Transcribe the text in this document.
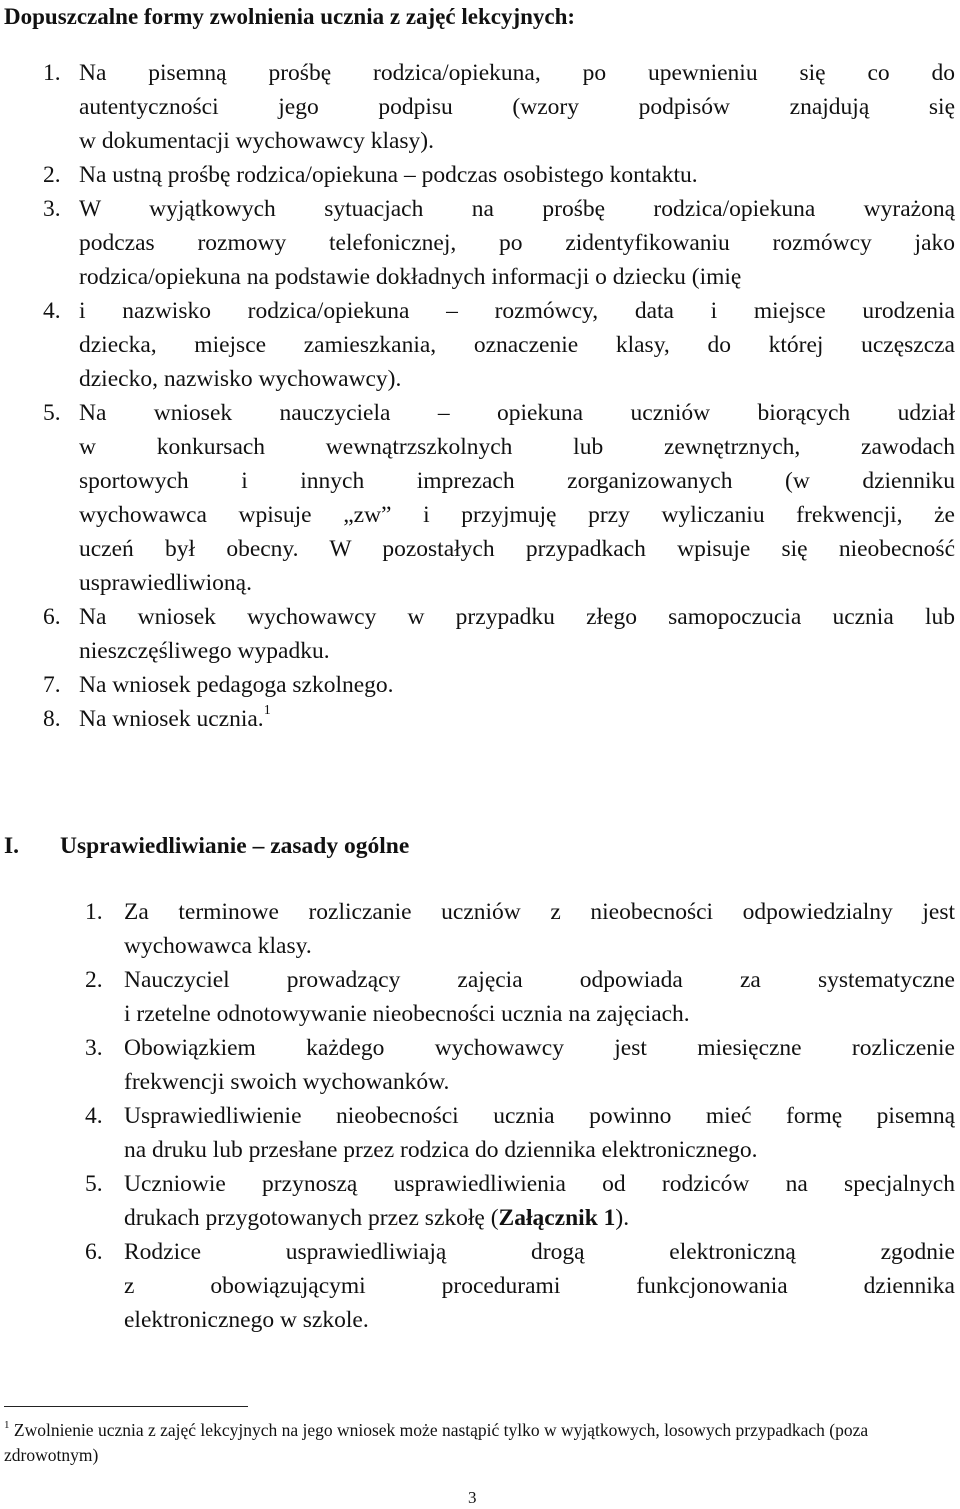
Dopuszczalne formy zwolnienia ucznia z zajęć lekcyjnych:
1. Na pisemną prośbę rodzica/opiekuna, po upewnieniu się co do
autentyczności jego podpisu (wzory podpisów znajdują się
w dokumentacji wychowawcy klasy).
2. Na ustną prośbę rodzica/opiekuna – podczas osobistego kontaktu.
3. W wyjątkowych sytuacjach na prośbę rodzica/opiekuna wyrażoną
podczas rozmowy telefonicznej, po zidentyfikowaniu rozmówcy jako
rodzica/opiekuna na podstawie dokładnych informacji o dziecku (imię
4. i nazwisko rodzica/opiekuna – rozmówcy, data i miejsce urodzenia
dziecka, miejsce zamieszkania, oznaczenie klasy, do której uczęszcza
dziecko, nazwisko wychowawcy).
5. Na wniosek nauczyciela – opiekuna uczniów biorących udział
w konkursach wewnątrzszkolnych lub zewnętrznych, zawodach
sportowych i innych imprezach zorganizowanych (w dzienniku
wychowawca wpisuje „zw” i przyjmuję przy wyliczaniu frekwencji, że
uczeń był obecny. W pozostałych przypadkach wpisuje się nieobecność
usprawiedliwioną.
6. Na wniosek wychowawcy w przypadku złego samopoczucia ucznia lub
nieszczęśliwego wypadku.
7. Na wniosek pedagoga szkolnego.
8. Na wniosek ucznia.$^1$
I. Usprawiedliwianie – zasady ogólne
1. Za terminowe rozliczanie uczniów z nieobecności odpowiedzialny jest
wychowawca klasy.
2. Nauczyciel prowadzący zajęcia odpowiada za systematyczne
i rzetelne odnotowywanie nieobecności ucznia na zajęciach.
3. Obowiązkiem każdego wychowawcy jest miesięczne rozliczenie
frekwencji swoich wychowanków.
4. Usprawiedliwienie nieobecności ucznia powinno mieć formę pisemną
na druku lub przesłane przez rodzica do dziennika elektronicznego.
5. Uczniowie przynoszą usprawiedliwienia od rodziców na specjalnych
drukach przygotowanych przez szkołę (Załącznik 1).
6. Rodzice usprawiedliwiają drogą elektroniczną zgodnie
z obowiązującymi procedurami funkcjonowania dziennika
elektronicznego w szkole.
$^1$ Zwolnienie ucznia z zajęć lekcyjnych na jego wniosek może nastąpić tylko w wyjątkowych, losowych przypadkach (poza zdrowotnym)
3
